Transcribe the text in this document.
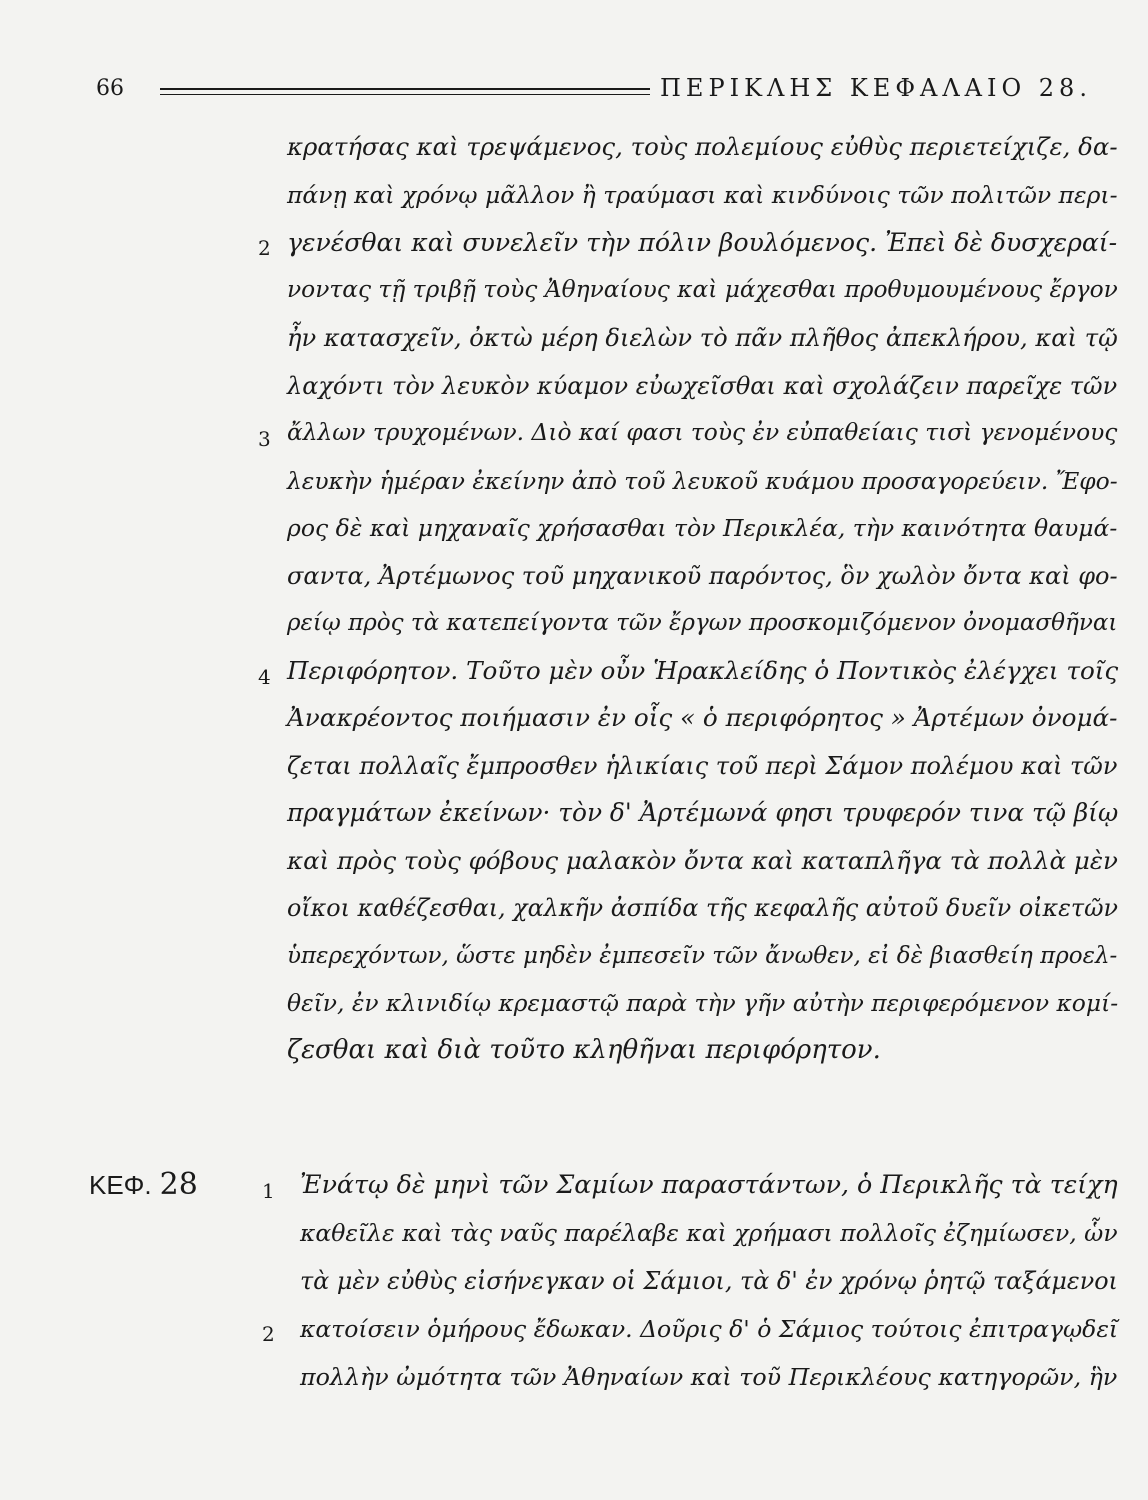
66	ΠΕΡΙΚΛΗΣ ΚΕΦΑΛΑΙΟ 28.
2
3
4
1
2
ΚΕΦ. 28
κρατήσας καὶ τρεψάμενος, τοὺς πολεμίους εὐθὺς περιετείχιζε, δα-
πάνῃ καὶ χρόνῳ μᾶλλον ἢ τραύμασι καὶ κινδύνοις τῶν πολιτῶν περι-
γενέσθαι καὶ συνελεῖν τὴν πόλιν βουλόμενος. Ἐπεὶ δὲ δυσχεραί-
νοντας τῇ τριβῇ τοὺς Ἀθηναίους καὶ μάχεσθαι προθυμουμένους ἔργον
ἦν κατασχεῖν, ὀκτὼ μέρη διελὼν τὸ πᾶν πλῆθος ἀπεκλήρου, καὶ τῷ
λαχόντι τὸν λευκὸν κύαμον εὐωχεῖσθαι καὶ σχολάζειν παρεῖχε τῶν
ἄλλων τρυχομένων. Διὸ καί φασι τοὺς ἐν εὐπαθείαις τισὶ γενομένους
λευκὴν ἡμέραν ἐκείνην ἀπὸ τοῦ λευκοῦ κυάμου προσαγορεύειν. Ἔφο-
ρος δὲ καὶ μηχαναῖς χρήσασθαι τὸν Περικλέα, τὴν καινότητα θαυμά-
σαντα, Ἀρτέμωνος τοῦ μηχανικοῦ παρόντος, ὃν χωλὸν ὄντα καὶ φο-
ρείῳ πρὸς τὰ κατεπείγοντα τῶν ἔργων προσκομιζόμενον ὀνομασθῆναι
Περιφόρητον. Τοῦτο μὲν οὖν Ἡρακλείδης ὁ Ποντικὸς ἐλέγχει τοῖς
Ἀνακρέοντος ποιήμασιν ἐν οἷς « ὁ περιφόρητος » Ἀρτέμων ὀνομά-
ζεται πολλαῖς ἔμπροσθεν ἡλικίαις τοῦ περὶ Σάμον πολέμου καὶ τῶν
πραγμάτων ἐκείνων· τὸν δ' Ἀρτέμωνά φησι τρυφερόν τινα τῷ βίῳ
καὶ πρὸς τοὺς φόβους μαλακὸν ὄντα καὶ καταπλῆγα τὰ πολλὰ μὲν
οἴκοι καθέζεσθαι, χαλκῆν ἀσπίδα τῆς κεφαλῆς αὐτοῦ δυεῖν οἰκετῶν
ὑπερεχόντων, ὥστε μηδὲν ἐμπεσεῖν τῶν ἄνωθεν, εἰ δὲ βιασθείη προελ-
θεῖν, ἐν κλινιδίῳ κρεμαστῷ παρὰ τὴν γῆν αὐτὴν περιφερόμενον κομί-
ζεσθαι καὶ διὰ τοῦτο κληθῆναι περιφόρητον.
Ἐνάτῳ δὲ μηνὶ τῶν Σαμίων παραστάντων, ὁ Περικλῆς τὰ τείχη
καθεῖλε καὶ τὰς ναῦς παρέλαβε καὶ χρήμασι πολλοῖς ἐζημίωσεν, ὧν
τὰ μὲν εὐθὺς εἰσήνεγκαν οἱ Σάμιοι, τὰ δ' ἐν χρόνῳ ῥητῷ ταξάμενοι
κατοίσειν ὁμήρους ἔδωκαν. Δοῦρις δ' ὁ Σάμιος τούτοις ἐπιτραγῳδεῖ
πολλὴν ὠμότητα τῶν Ἀθηναίων καὶ τοῦ Περικλέους κατηγορῶν, ἣν
